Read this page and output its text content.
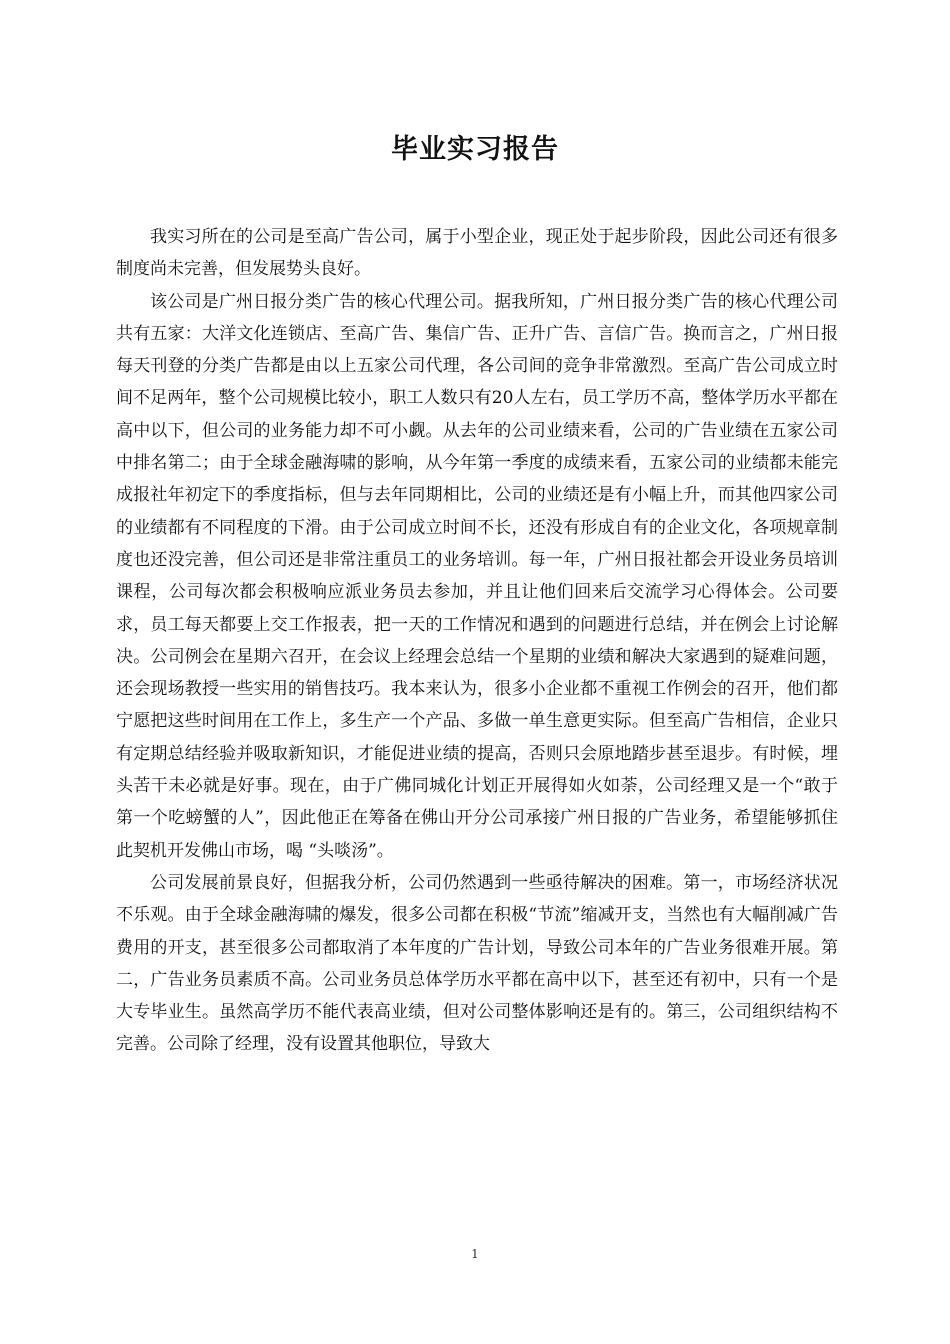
毕业实习报告

我实习所在的公司是至高广告公司，属于小型企业，现正处于起步阶段，因此公司还有很多制度尚未完善，但发展势头良好。

该公司是广州日报分类广告的核心代理公司。据我所知，广州日报分类广告的核心代理公司共有五家：大洋文化连锁店、至高广告、集信广告、正升广告、言信广告。换而言之，广州日报每天刊登的分类广告都是由以上五家公司代理，各公司间的竞争非常激烈。至高广告公司成立时间不足两年，整个公司规模比较小，职工人数只有20人左右，员工学历不高，整体学历水平都在高中以下，但公司的业务能力却不可小觑。从去年的公司业绩来看，公司的广告业绩在五家公司中排名第二；由于全球金融海啸的影响，从今年第一季度的成绩来看，五家公司的业绩都未能完成报社年初定下的季度指标，但与去年同期相比，公司的业绩还是有小幅上升，而其他四家公司的业绩都有不同程度的下滑。由于公司成立时间不长，还没有形成自有的企业文化，各项规章制度也还没完善，但公司还是非常注重员工的业务培训。每一年，广州日报社都会开设业务员培训课程，公司每次都会积极响应派业务员去参加，并且让他们回来后交流学习心得体会。公司要求，员工每天都要上交工作报表，把一天的工作情况和遇到的问题进行总结，并在例会上讨论解决。公司例会在星期六召开，在会议上经理会总结一个星期的业绩和解决大家遇到的疑难问题，还会现场教授一些实用的销售技巧。我本来认为，很多小企业都不重视工作例会的召开，他们都宁愿把这些时间用在工作上，多生产一个产品、多做一单生意更实际。但至高广告相信，企业只有定期总结经验并吸取新知识，才能促进业绩的提高，否则只会原地踏步甚至退步。有时候，埋头苦干未必就是好事。现在，由于广佛同城化计划正开展得如火如荼，公司经理又是一个“敢于第一个吃螃蟹的人”，因此他正在筹备在佛山开分公司承接广州日报的广告业务，希望能够抓住此契机开发佛山市场，喝 “头啖汤”。

公司发展前景良好，但据我分析，公司仍然遇到一些亟待解决的困难。第一，市场经济状况不乐观。由于全球金融海啸的爆发，很多公司都在积极“节流”缩减开支，当然也有大幅削减广告费用的开支，甚至很多公司都取消了本年度的广告计划，导致公司本年的广告业务很难开展。第二，广告业务员素质不高。公司业务员总体学历水平都在高中以下，甚至还有初中，只有一个是大专毕业生。虽然高学历不能代表高业绩，但对公司整体影响还是有的。第三，公司组织结构不完善。公司除了经理，没有设置其他职位，导致大

1
